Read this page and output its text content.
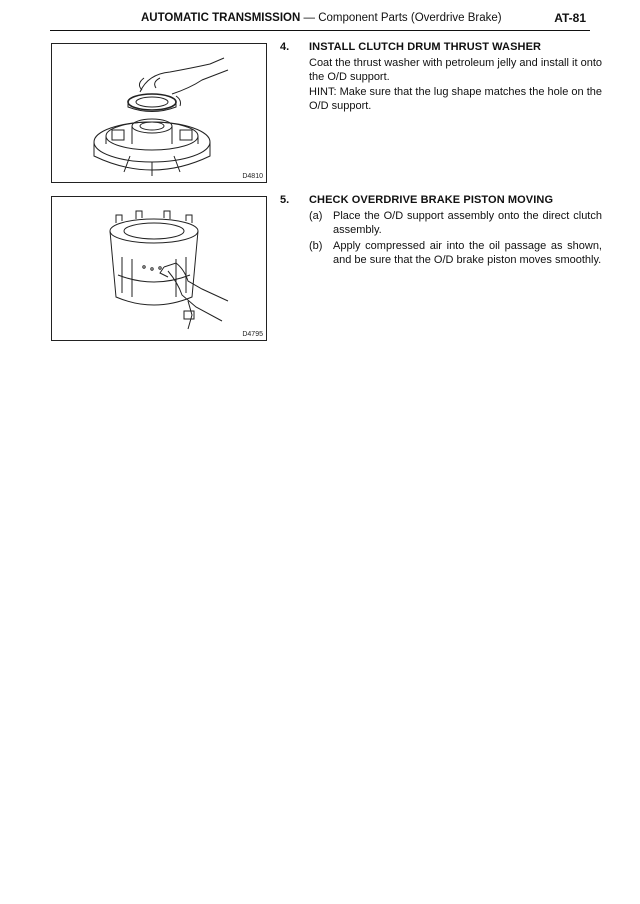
AUTOMATIC TRANSMISSION — Component Parts (Overdrive Brake)	AT-81
D4810
D4795
4. INSTALL CLUTCH DRUM THRUST WASHER
Coat the thrust washer with petroleum jelly and install it onto the O/D support.
HINT: Make sure that the lug shape matches the hole on the O/D support.
5. CHECK OVERDRIVE BRAKE PISTON MOVING
(a) Place the O/D support assembly onto the direct clutch assembly.
(b) Apply compressed air into the oil passage as shown, and be sure that the O/D brake piston moves smoothly.
